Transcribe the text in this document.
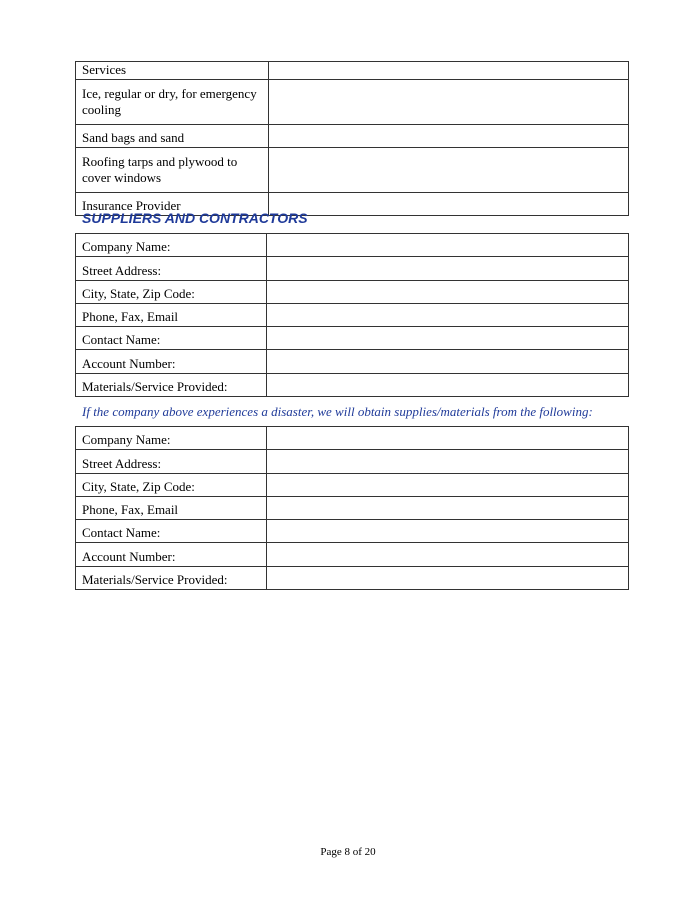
Services	
Ice, regular or dry, for emergency cooling	
Sand bags and sand	
Roofing tarps and plywood to cover windows	
Insurance Provider	
SUPPLIERS AND CONTRACTORS
Company Name:	
Street Address:	
City, State, Zip Code:	
Phone, Fax, Email	
Contact Name:	
Account Number:	
Materials/Service Provided:	

If the company above experiences a disaster, we will obtain supplies/materials from the following:

Company Name:	
Street Address:	
City, State, Zip Code:	
Phone, Fax, Email	
Contact Name:	
Account Number:	
Materials/Service Provided:	
Page 8 of 20
